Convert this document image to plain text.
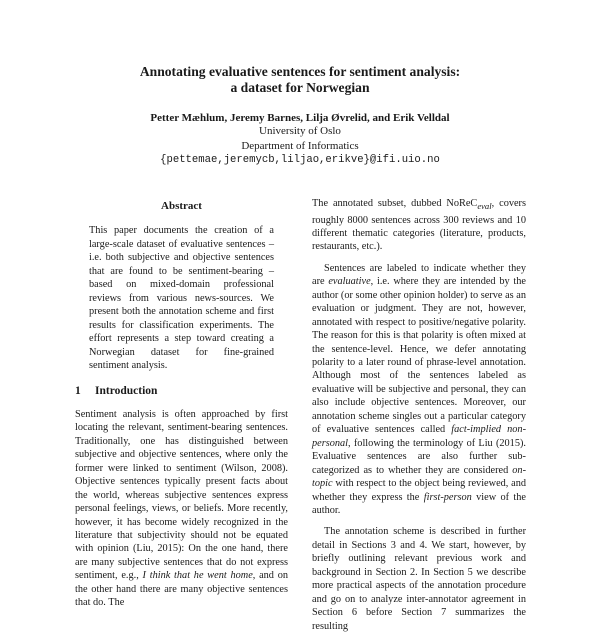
Annotating evaluative sentences for sentiment analysis:
a dataset for Norwegian
Petter Mæhlum, Jeremy Barnes, Lilja Øvrelid, and Erik Velldal
University of Oslo
Department of Informatics
{pettemae,jeremycb,liljao,erikve}@ifi.uio.no
Abstract

This paper documents the creation of a large-scale dataset of evaluative sentences – i.e. both subjective and objective sentences that are found to be sentiment-bearing – based on mixed-domain professional reviews from various news-sources. We present both the annotation scheme and first results for classification experiments. The effort represents a step toward creating a Norwegian dataset for fine-grained sentiment analysis.

1 Introduction

Sentiment analysis is often approached by first locating the relevant, sentiment-bearing sentences. Traditionally, one has distinguished between subjective and objective sentences, where only the former were linked to sentiment (Wilson, 2008). Objective sentences typically present facts about the world, whereas subjective sentences express personal feelings, views, or beliefs. More recently, however, it has become widely recognized in the literature that subjectivity should not be equated with opinion (Liu, 2015): On the one hand, there are many subjective sentences that do not express sentiment, e.g., I think that he went home, and on the other hand there are many objective sentences that do. The

The annotated subset, dubbed NoReC$_{eval}$, covers roughly 8000 sentences across 300 reviews and 10 different thematic categories (literature, products, restaurants, etc.).

Sentences are labeled to indicate whether they are evaluative, i.e. where they are intended by the author (or some other opinion holder) to serve as an evaluation or judgment. They are not, however, annotated with respect to positive/negative polarity. The reason for this is that polarity is often mixed at the sentence-level. Hence, we defer annotating polarity to a later round of phrase-level annotation. Although most of the sentences labeled as evaluative will be subjective and personal, they can also include objective sentences. Moreover, our annotation scheme singles out a particular category of evaluative sentences called fact-implied non-personal, following the terminology of Liu (2015). Evaluative sentences are also further sub-categorized as to whether they are considered on-topic with respect to the object being reviewed, and whether they express the first-person view of the author.

The annotation scheme is described in further detail in Sections 3 and 4. We start, however, by briefly outlining relevant previous work and background in Section 2. In Section 5 we describe more practical aspects of the annotation procedure and go on to analyze inter-annotator agreement in Section 6 before Section 7 summarizes the resulting
